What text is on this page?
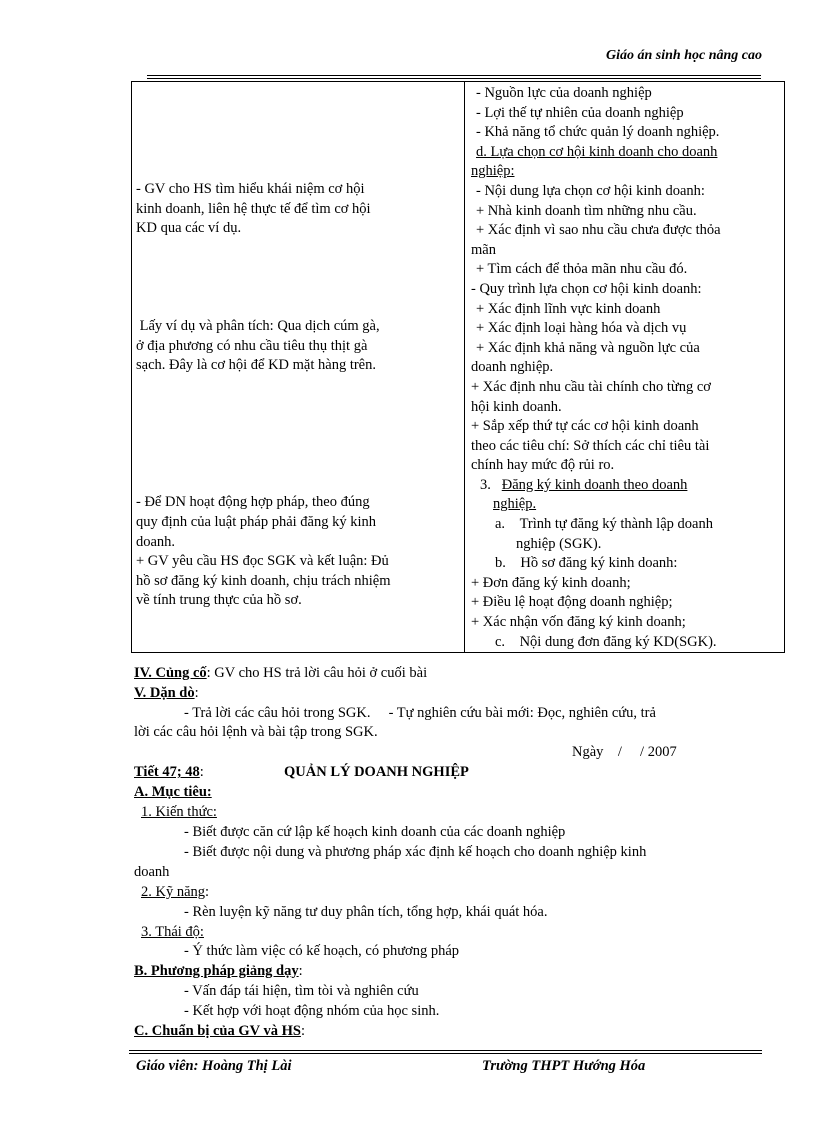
Giáo án sinh học nâng cao
- GV cho HS tìm hiểu khái niệm cơ hội
kinh doanh, liên hệ thực tế để tìm cơ hội
KD qua các ví dụ.
Lấy ví dụ và phân tích: Qua dịch cúm gà,
ở địa phương có nhu cầu tiêu thụ thịt gà
sạch. Đây là cơ hội để KD mặt hàng trên.
- Để DN hoạt động hợp pháp, theo đúng
quy định của luật pháp phải đăng ký kinh
doanh.
+ GV yêu cầu HS đọc SGK và kết luận: Đủ
hồ sơ đăng ký kinh doanh, chịu trách nhiệm
về tính trung thực của hồ sơ.

- Nguồn lực của doanh nghiệp
- Lợi thế tự nhiên của doanh nghiệp
- Khả năng tổ chức quản lý doanh nghiệp.
d. Lựa chọn cơ hội kinh doanh cho doanh
nghiệp:
- Nội dung lựa chọn cơ hội kinh doanh:
+ Nhà kinh doanh tìm những nhu cầu.
+ Xác định vì sao nhu cầu chưa được thỏa
mãn
+ Tìm cách để thỏa mãn nhu cầu đó.
- Quy trình lựa chọn cơ hội kinh doanh:
+ Xác định lĩnh vực kinh doanh
+ Xác định loại hàng hóa và dịch vụ
+ Xác định khả năng và nguồn lực của
doanh nghiệp.
+ Xác định nhu cầu tài chính cho từng cơ
hội kinh doanh.
+ Sắp xếp thứ tự các cơ hội kinh doanh
theo các tiêu chí: Sở thích các chỉ tiêu tài
chính hay mức độ rủi ro.
3. Đăng ký kinh doanh theo doanh
nghiệp.
a. Trình tự đăng ký thành lập doanh
nghiệp (SGK).
b. Hồ sơ đăng ký kinh doanh:
+ Đơn đăng ký kinh doanh;
+ Điều lệ hoạt động doanh nghiệp;
+ Xác nhận vốn đăng ký kinh doanh;
c. Nội dung đơn đăng ký KD(SGK).
IV. Củng cố: GV cho HS trả lời câu hỏi ở cuối bài
V. Dặn dò:
- Trả lời các câu hỏi trong SGK.     - Tự nghiên cứu bài mới: Đọc, nghiên cứu, trả
lời các câu hỏi lệnh và bài tập trong SGK.
Ngày    /     / 2007
Tiết 47; 48:	QUẢN LÝ DOANH NGHIỆP
A. Mục tiêu:
1. Kiến thức:
- Biết được căn cứ lập kế hoạch kinh doanh của các doanh nghiệp
- Biết được nội dung và phương pháp xác định kế hoạch cho doanh nghiệp kinh
doanh
2. Kỹ năng:
- Rèn luyện kỹ năng tư duy phân tích, tổng hợp, khái quát hóa.
3. Thái độ:
- Ý thức làm việc có kế hoạch, có phương pháp
B. Phương pháp giảng dạy:
- Vấn đáp tái hiện, tìm tòi và nghiên cứu
- Kết hợp với hoạt động nhóm của học sinh.
C. Chuẩn bị của GV và HS:
Giáo viên: Hoàng Thị Lài	Trường THPT Hướng Hóa
